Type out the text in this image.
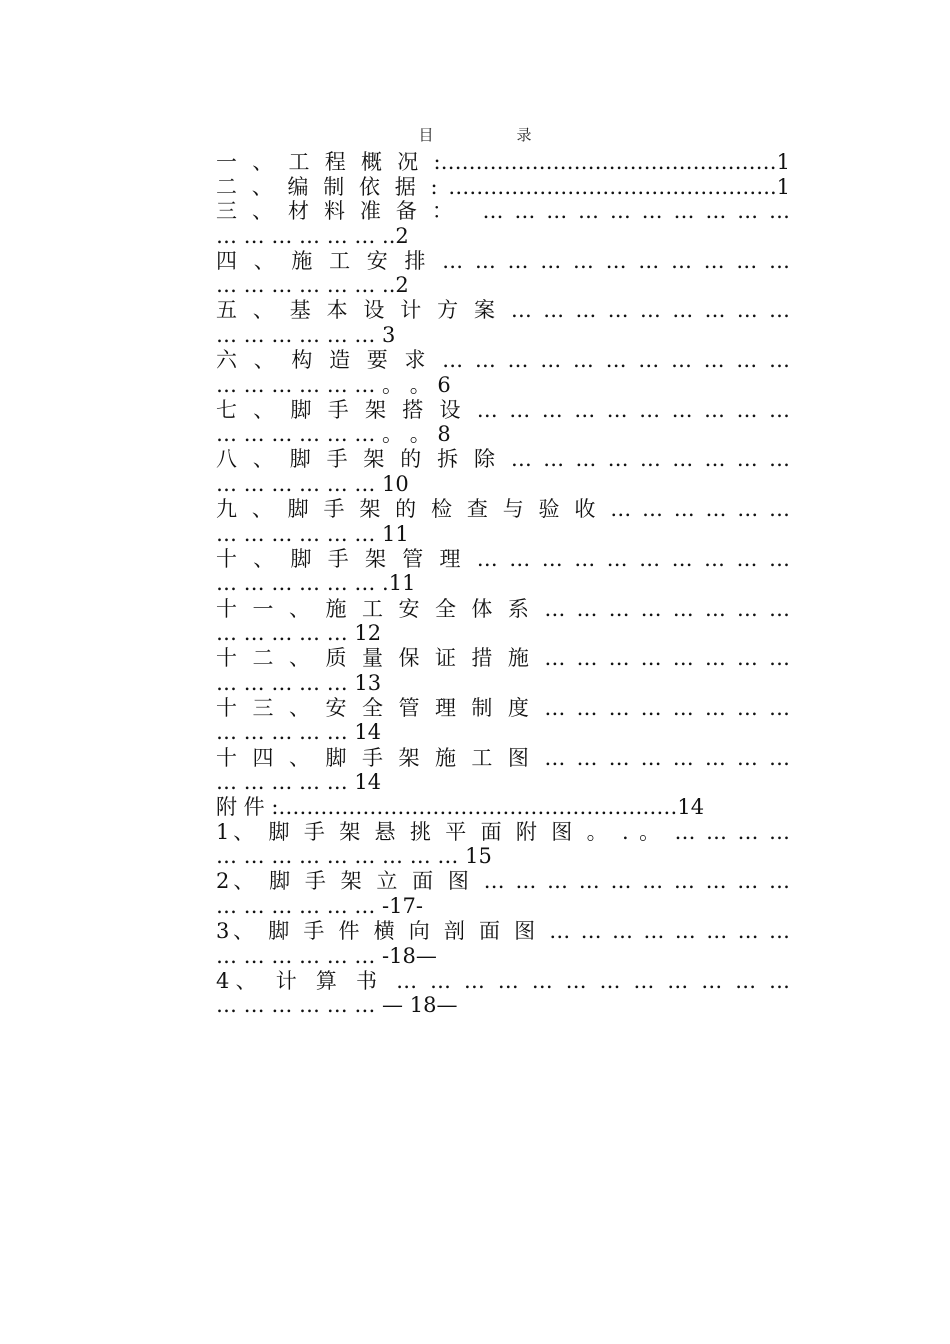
目　录

一 、 工 程 概 况 :…………………………………………1

二 、 编 制 依 据 : ………………………………………..1

三 、 材 料 准 备 ：　 … … … … … … … … … …
… … … … … … ..2

四 、 施 工 安 排 … … … … … … … … … … …
… … … … … … ..2

五 、 基 本 设 计 方 案 … … … … … … … … …
… … … … … … 3

六 、 构 造 要 求 … … … … … … … … … … …
… … … … … … 。 。 6

七 、 脚 手 架 搭 设 … … … … … … … … … …
… … … … … … 。 。 8

八 、 脚 手 架 的 拆 除 … … … … … … … … …
… … … … … … 10

九 、 脚 手 架 的 检 查 与 验 收 … … … … … …
… … … … … … 11

十 、 脚 手 架 管 理 … … … … … … … … … …
… … … … … … .11

十 一 、 施 工 安 全 体 系 … … … … … … … …
… … … … … 12

十 二 、 质 量 保 证 措 施 … … … … … … … …
… … … … … 13

十 三 、 安 全 管 理 制 度 … … … … … … … …
… … … … … 14

十 四 、 脚 手 架 施 工 图 … … … … … … … …
… … … … … 14

附 件 :…………………………………………………14

1、 脚 手 架 悬 挑 平 面 附 图 。 . 。 … … … …
… … … … … … … … … 15

2、 脚 手 架 立 面 图 … … … … … … … … … …
… … … … … … -17-

3、 脚 手 件 横 向 剖 面 图 … … … … … … … …
… … … … … … -18—

4、 计 算 书 … … … … … … … … … … … …
… … … … … … — 18—
